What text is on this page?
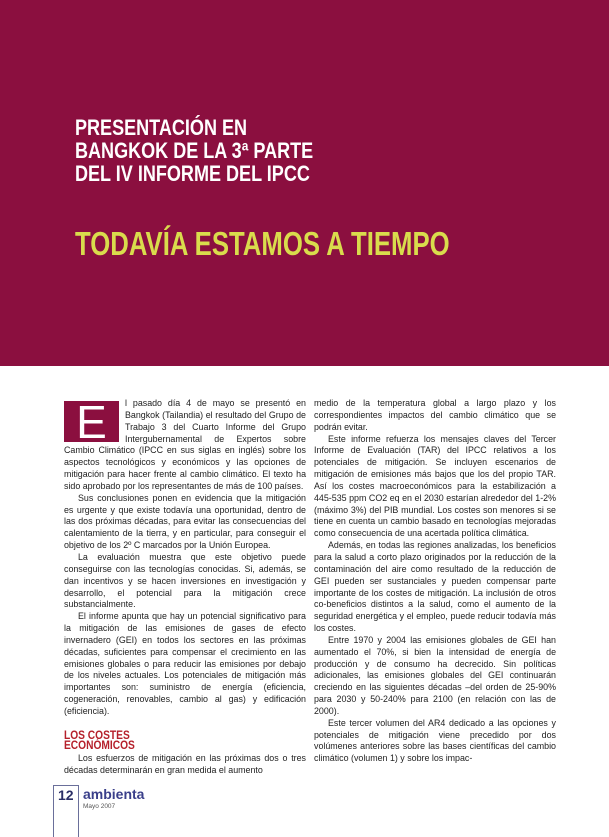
PRESENTACIÓN EN
BANGKOK DE LA 3ª PARTE
DEL IV INFORME DEL IPCC
TODAVÍA ESTAMOS A TIEMPO

E	l pasado día 4 de mayo se presentó en Bangkok (Tailandia) el resultado del Grupo de Trabajo 3 del Cuarto Informe del Grupo Intergubernamental de Expertos sobre Cambio Climático (IPCC en sus siglas en inglés) sobre los aspectos tecnológicos y económicos y las opciones de mitigación para hacer frente al cambio climático. El texto ha sido aprobado por los representantes de más de 100 países.

Sus conclusiones ponen en evidencia que la mitigación es urgente y que existe todavía una oportunidad, dentro de las dos próximas décadas, para evitar las consecuencias del calentamiento de la tierra, y en particular, para conseguir el objetivo de los 2º C marcados por la Unión Europea.

La evaluación muestra que este objetivo puede conseguirse con las tecnologías conocidas. Si, además, se dan incentivos y se hacen inversiones en investigación y desarrollo, el potencial para la mitigación crece substancialmente.

El informe apunta que hay un potencial significativo para la mitigación de las emisiones de gases de efecto invernadero (GEI) en todos los sectores en las próximas décadas, suficientes para compensar el crecimiento en las emisiones globales o para reducir las emisiones por debajo de los niveles actuales. Los potenciales de mitigación más importantes son: suministro de energía (eficiencia, cogeneración, renovables, cambio al gas) y edificación (eficiencia).

LOS COSTES
ECONÓMICOS

Los esfuerzos de mitigación en las próximas dos o tres décadas determinarán en gran medida el aumento

medio de la temperatura global a largo plazo y los correspondientes impactos del cambio climático que se podrán evitar.

Este informe refuerza los mensajes claves del Tercer Informe de Evaluación (TAR) del IPCC relativos a los potenciales de mitigación. Se incluyen escenarios de mitigación de emisiones más bajos que los del propio TAR. Así los costes macroeconómicos para la estabilización a 445-535 ppm CO2 eq en el 2030 estarían alrededor del 1-2% (máximo 3%) del PIB mundial. Los costes son menores si se tiene en cuenta un cambio basado en tecnologías mejoradas como consecuencia de una acertada política climática.

Además, en todas las regiones analizadas, los beneficios para la salud a corto plazo originados por la reducción de la contaminación del aire como resultado de la reducción de GEI pueden ser sustanciales y pueden compensar parte importante de los costes de mitigación. La inclusión de otros co-beneficios distintos a la salud, como el aumento de la seguridad energética y el empleo, puede reducir todavía más los costes.

Entre 1970 y 2004 las emisiones globales de GEI han aumentado el 70%, si bien la intensidad de energía de producción y de consumo ha decrecido. Sin políticas adicionales, las emisiones globales del GEI continuarán creciendo en las siguientes décadas –del orden de 25-90% para 2030 y 50-240% para 2100 (en relación con las de 2000).

Este tercer volumen del AR4 dedicado a las opciones y potenciales de mitigación viene precedido por dos volúmenes anteriores sobre las bases científicas del cambio climático (volumen 1) y sobre los impac-

12 ambienta
Mayo 2007
